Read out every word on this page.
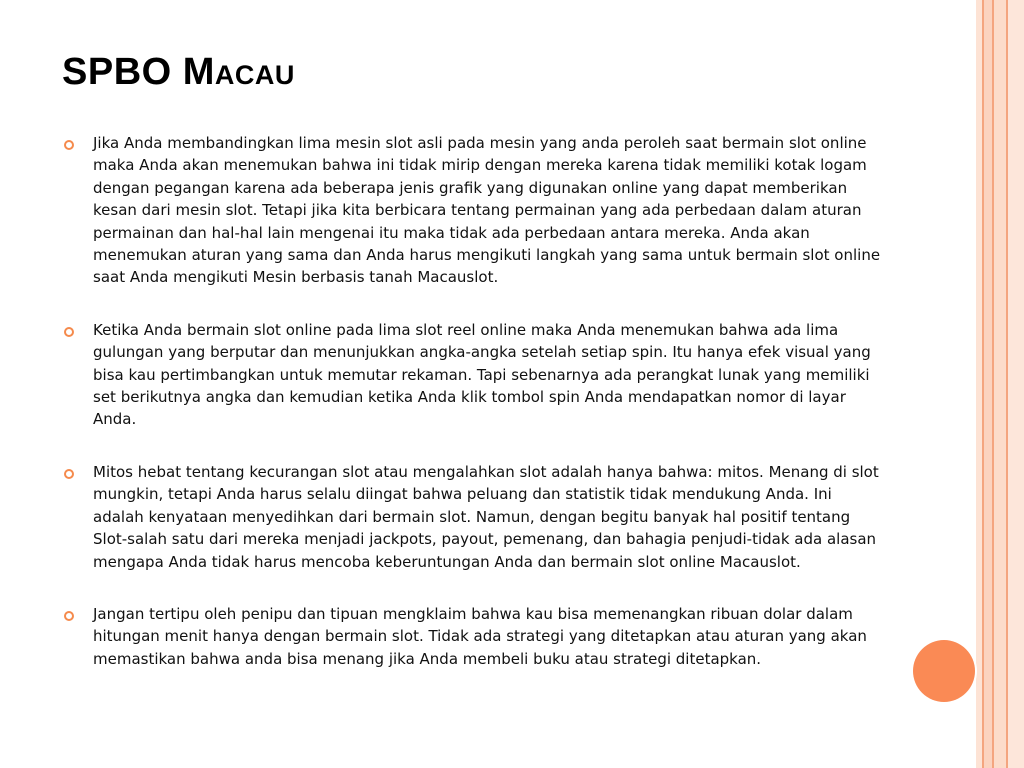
SPBO Macau

Jika Anda membandingkan lima mesin slot asli pada mesin yang anda peroleh saat bermain slot online maka Anda akan menemukan bahwa ini tidak mirip dengan mereka karena tidak memiliki kotak logam dengan pegangan karena ada beberapa jenis grafik yang digunakan online yang dapat memberikan kesan dari mesin slot. Tetapi jika kita berbicara tentang permainan yang ada perbedaan dalam aturan permainan dan hal-hal lain mengenai itu maka tidak ada perbedaan antara mereka. Anda akan menemukan aturan yang sama dan Anda harus mengikuti langkah yang sama untuk bermain slot online saat Anda mengikuti Mesin berbasis tanah Macauslot.

Ketika Anda bermain slot online pada lima slot reel online maka Anda menemukan bahwa ada lima gulungan yang berputar dan menunjukkan angka-angka setelah setiap spin. Itu hanya efek visual yang bisa kau pertimbangkan untuk memutar rekaman. Tapi sebenarnya ada perangkat lunak yang memiliki set berikutnya angka dan kemudian ketika Anda klik tombol spin Anda mendapatkan nomor di layar Anda.

Mitos hebat tentang kecurangan slot atau mengalahkan slot adalah hanya bahwa: mitos. Menang di slot mungkin, tetapi Anda harus selalu diingat bahwa peluang dan statistik tidak mendukung Anda. Ini adalah kenyataan menyedihkan dari bermain slot. Namun, dengan begitu banyak hal positif tentang Slot-salah satu dari mereka menjadi jackpots, payout, pemenang, dan bahagia penjudi-tidak ada alasan mengapa Anda tidak harus mencoba keberuntungan Anda dan bermain slot online Macauslot.

Jangan tertipu oleh penipu dan tipuan mengklaim bahwa kau bisa memenangkan ribuan dolar dalam hitungan menit hanya dengan bermain slot. Tidak ada strategi yang ditetapkan atau aturan yang akan memastikan bahwa anda bisa menang jika Anda membeli buku atau strategi ditetapkan.
